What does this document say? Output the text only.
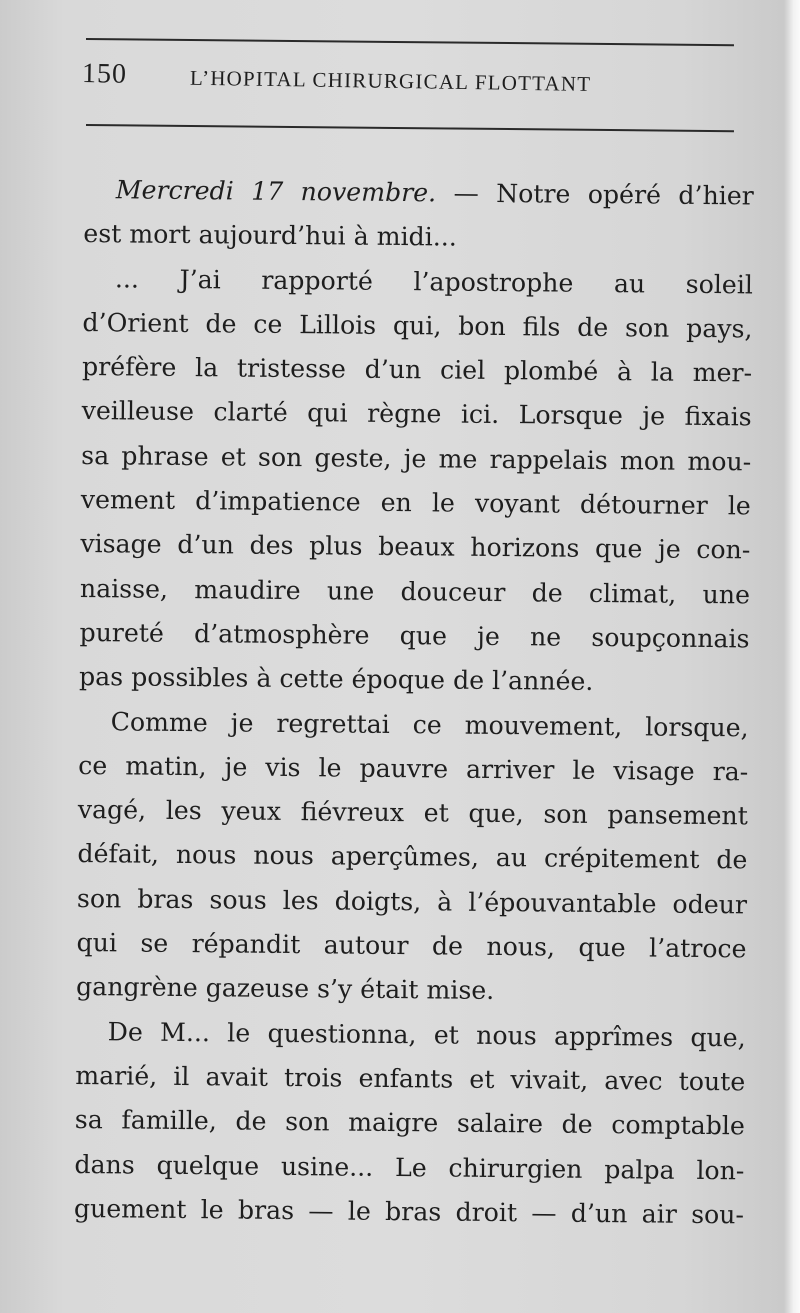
150	L’HOPITAL CHIRURGICAL FLOTTANT
Mercredi 17 novembre. — Notre opéré d’hier
est mort aujourd’hui à midi...
... J’ai rapporté l’apostrophe au soleil
d’Orient de ce Lillois qui, bon fils de son pays,
préfère la tristesse d’un ciel plombé à la mer-
veilleuse clarté qui règne ici. Lorsque je fixais
sa phrase et son geste, je me rappelais mon mou-
vement d’impatience en le voyant détourner le
visage d’un des plus beaux horizons que je con-
naisse, maudire une douceur de climat, une
pureté d’atmosphère que je ne soupçonnais
pas possibles à cette époque de l’année.
Comme je regrettai ce mouvement, lorsque,
ce matin, je vis le pauvre arriver le visage ra-
vagé, les yeux fiévreux et que, son pansement
défait, nous nous aperçûmes, au crépitement de
son bras sous les doigts, à l’épouvantable odeur
qui se répandit autour de nous, que l’atroce
gangrène gazeuse s’y était mise.
De M... le questionna, et nous apprîmes que,
marié, il avait trois enfants et vivait, avec toute
sa famille, de son maigre salaire de comptable
dans quelque usine... Le chirurgien palpa lon-
guement le bras — le bras droit — d’un air sou-
